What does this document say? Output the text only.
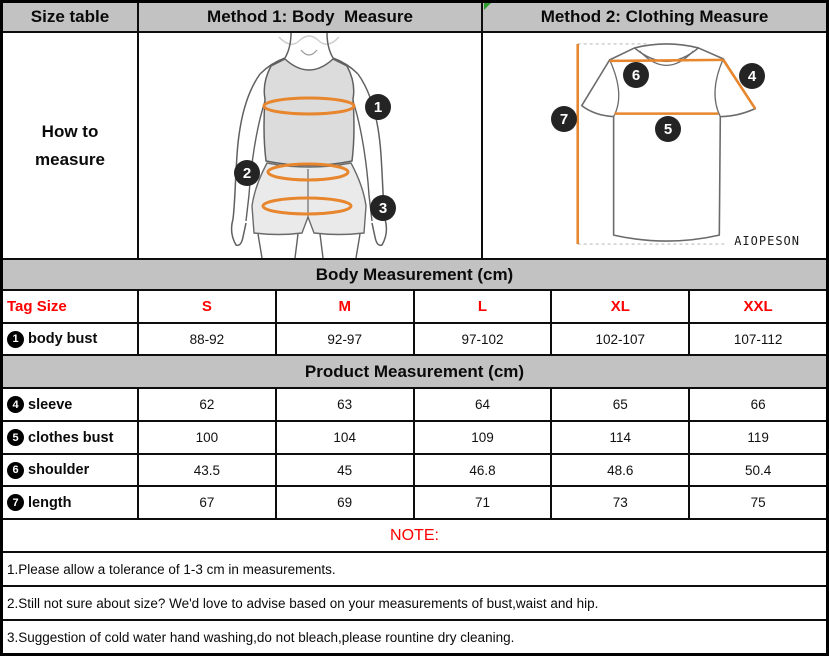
Size table	Method 1: Body  Measure	Method 2: Clothing Measure
How to
measure
1
2
3
4
5
6
7
AIOPESON
Body Measurement (cm)
Tag Size	S	M	L	XL	XXL
1 body bust	88-92	92-97	97-102	102-107	107-112
Product Measurement (cm)
4 sleeve	62	63	64	65	66
5 clothes bust	100	104	109	114	119
6 shoulder	43.5	45	46.8	48.6	50.4
7 length	67	69	71	73	75
NOTE:
1.Please allow a tolerance of 1-3 cm in measurements.
2.Still not sure about size? We'd love to advise based on your measurements of bust,waist and hip.
3.Suggestion of cold water hand washing,do not bleach,please rountine dry cleaning.
